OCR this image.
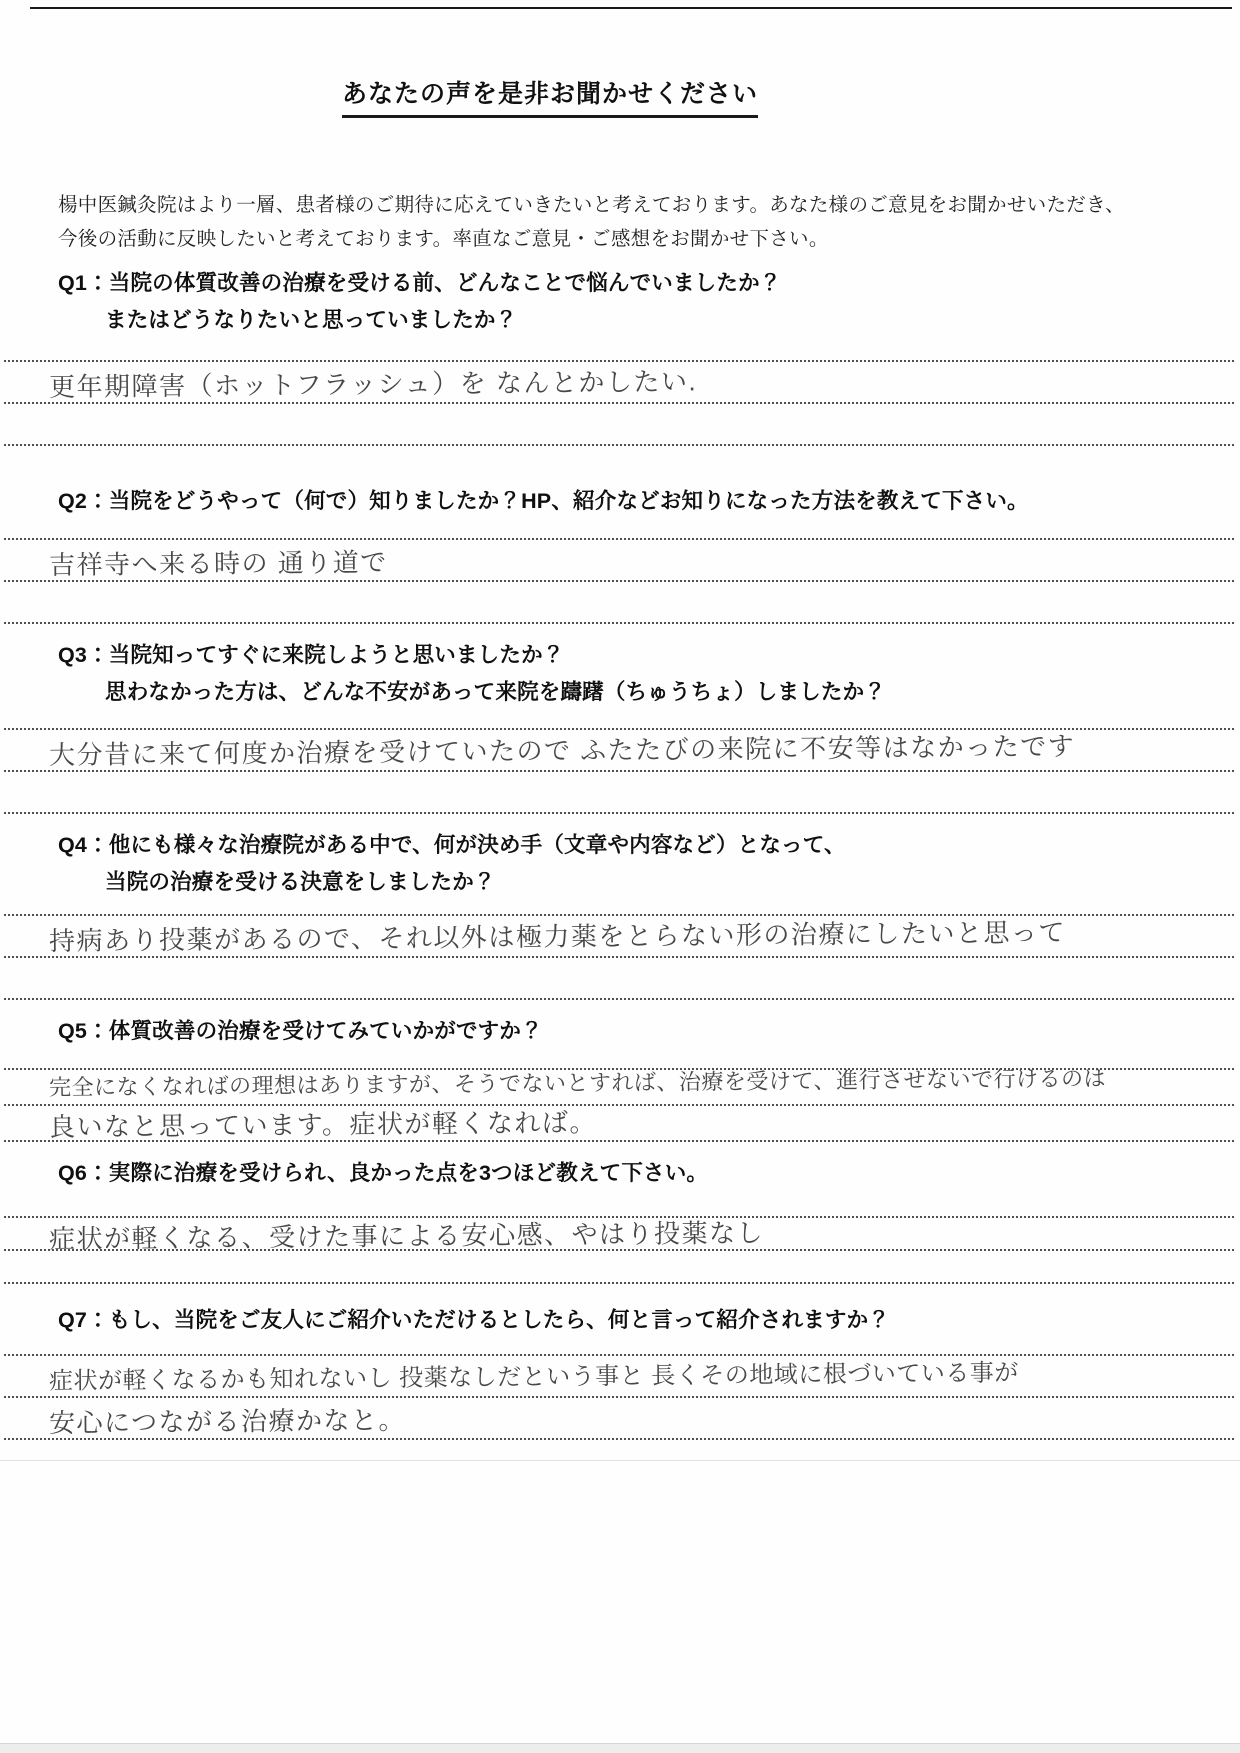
あなたの声を是非お聞かせください
楊中医鍼灸院はより一層、患者様のご期待に応えていきたいと考えております。あなた様のご意見をお聞かせいただき、
今後の活動に反映したいと考えております。率直なご意見・ご感想をお聞かせ下さい。
Q1：当院の体質改善の治療を受ける前、どんなことで悩んでいましたか？
またはどうなりたいと思っていましたか？
更年期障害（ホットフラッシュ）を なんとかしたい.
Q2：当院をどうやって（何で）知りましたか？HP、紹介などお知りになった方法を教えて下さい。
吉祥寺へ来る時の 通り道で
Q3：当院知ってすぐに来院しようと思いましたか？
思わなかった方は、どんな不安があって来院を躊躇（ちゅうちょ）しましたか？
大分昔に来て何度か治療を受けていたので ふたたびの来院に不安等はなかったです
Q4：他にも様々な治療院がある中で、何が決め手（文章や内容など）となって、
当院の治療を受ける決意をしましたか？
持病あり投薬があるので、それ以外は極力薬をとらない形の治療にしたいと思って
Q5：体質改善の治療を受けてみていかがですか？
完全になくなればの理想はありますが、そうでないとすれば、治療を受けて、進行させないで行けるのは
良いなと思っています。症状が軽くなれば。
Q6：実際に治療を受けられ、良かった点を3つほど教えて下さい。
症状が軽くなる、受けた事による安心感、やはり投薬なし
Q7：もし、当院をご友人にご紹介いただけるとしたら、何と言って紹介されますか？
症状が軽くなるかも知れないし 投薬なしだという事と 長くその地域に根づいている事が
安心につながる治療かなと。
